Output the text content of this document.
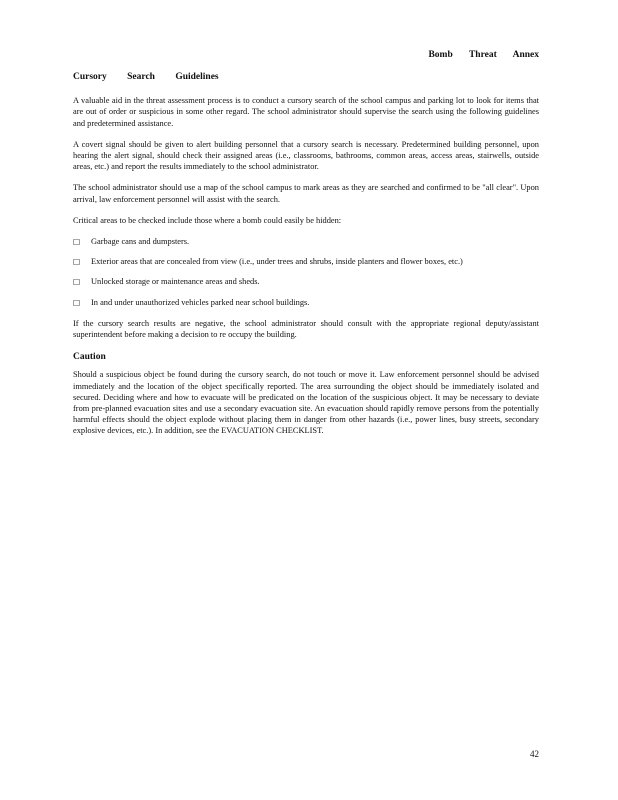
Bomb Threat Annex
Cursory Search Guidelines

A valuable aid in the threat assessment process is to conduct a cursory search of the school campus and parking lot to look for items that are out of order or suspicious in some other regard. The school administrator should supervise the search using the following guidelines and predetermined assistance.

A covert signal should be given to alert building personnel that a cursory search is necessary. Predetermined building personnel, upon hearing the alert signal, should check their assigned areas (i.e., classrooms, bathrooms, common areas, access areas, stairwells, outside areas, etc.) and report the results immediately to the school administrator.

The school administrator should use a map of the school campus to mark areas as they are searched and confirmed to be "all clear". Upon arrival, law enforcement personnel will assist with the search.

Critical areas to be checked include those where a bomb could easily be hidden:

□ Garbage cans and dumpsters.
□ Exterior areas that are concealed from view (i.e., under trees and shrubs, inside planters and flower boxes, etc.)
□ Unlocked storage or maintenance areas and sheds.
□ In and under unauthorized vehicles parked near school buildings.

If the cursory search results are negative, the school administrator should consult with the appropriate regional deputy/assistant superintendent before making a decision to re occupy the building.

Caution

Should a suspicious object be found during the cursory search, do not touch or move it. Law enforcement personnel should be advised immediately and the location of the object specifically reported. The area surrounding the object should be immediately isolated and secured. Deciding where and how to evacuate will be predicated on the location of the suspicious object. It may be necessary to deviate from pre-planned evacuation sites and use a secondary evacuation site. An evacuation should rapidly remove persons from the potentially harmful effects should the object explode without placing them in danger from other hazards (i.e., power lines, busy streets, secondary explosive devices, etc.). In addition, see the EVACUATION CHECKLIST.

42
